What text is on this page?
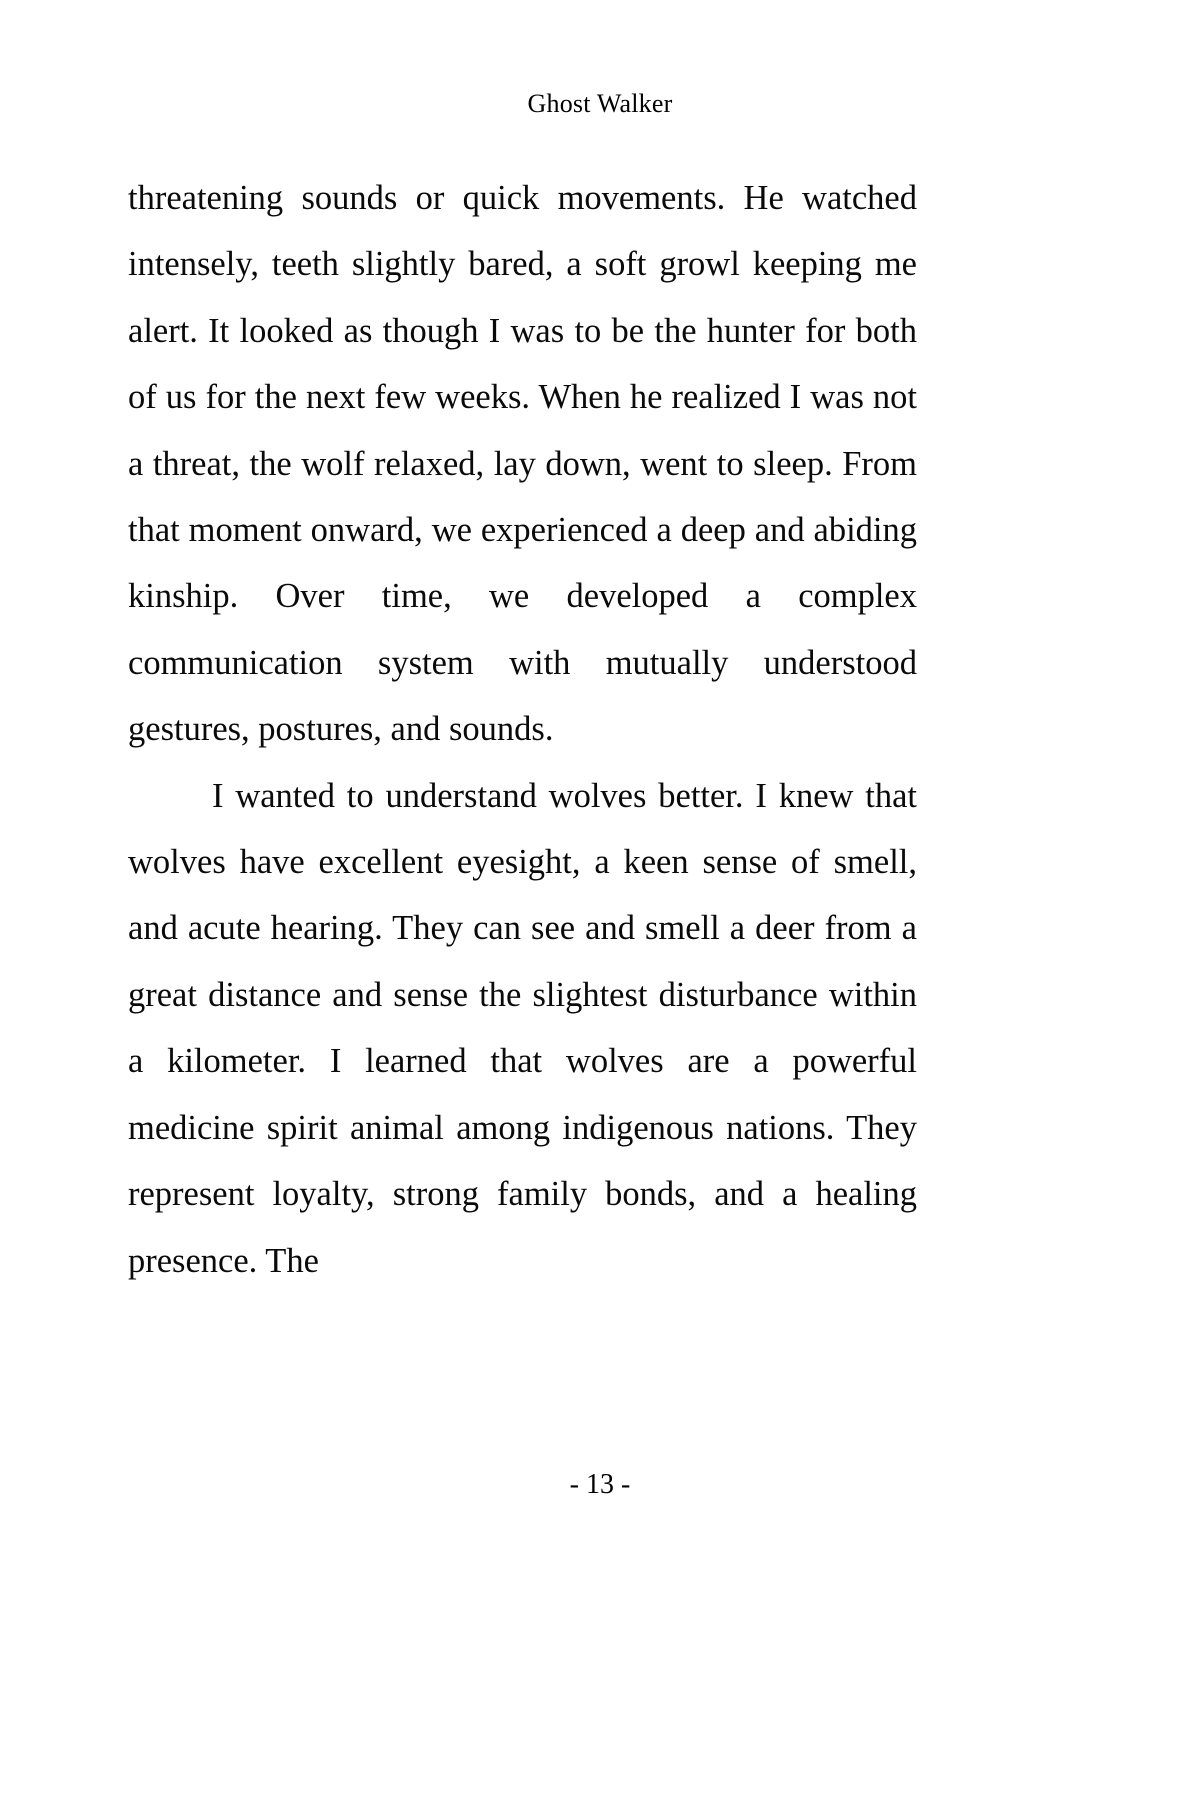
Ghost Walker

threatening sounds or quick movements. He watched intensely, teeth slightly bared, a soft growl keeping me alert. It looked as though I was to be the hunter for both of us for the next few weeks. When he realized I was not a threat, the wolf relaxed, lay down, went to sleep. From that moment onward, we experienced a deep and abiding kinship. Over time, we developed a complex communication system with mutually understood gestures, postures, and sounds.

I wanted to understand wolves better. I knew that wolves have excellent eyesight, a keen sense of smell, and acute hearing. They can see and smell a deer from a great distance and sense the slightest disturbance within a kilometer. I learned that wolves are a powerful medicine spirit animal among indigenous nations. They represent loyalty, strong family bonds, and a healing presence. The

- 13 -
